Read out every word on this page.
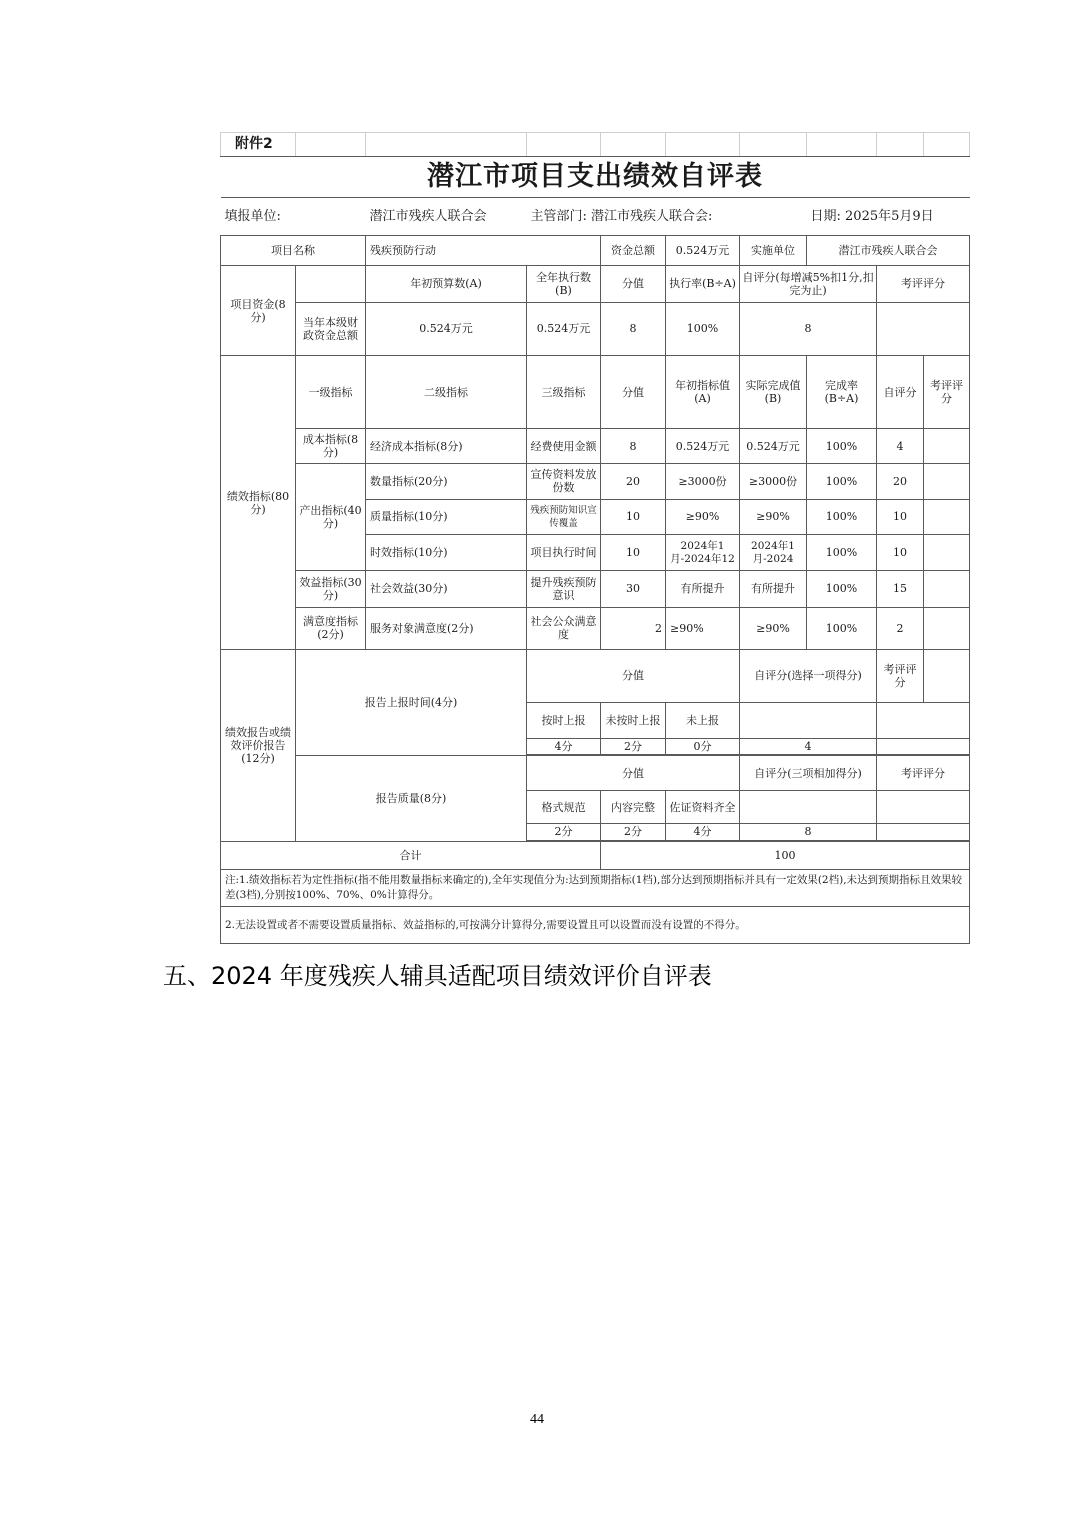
附件2									
潜江市项目支出绩效自评表									
填报单位:		潜江市残疾人联合会	主管部门: 潜江市残疾人联合会:				日期: 2025年5月9日		
项目名称		残疾预防行动		资金总额	0.524万元	实施单位	潜江市残疾人联合会		
项目资金(8分)		年初预算数(A)	全年执行数(B)	分值	执行率(B÷A)	自评分(每增减5%扣1分,扣完为止)		考评评分	
	当年本级财政资金总额	0.524万元	0.524万元	8	100%	8			
绩效指标(80分)	一级指标	二级指标	三级指标	分值	年初指标值(A)	实际完成值(B)	完成率(B÷A)	自评分	考评评分
	成本指标(8分)	经济成本指标(8分)	经费使用金额	8	0.524万元	0.524万元	100%	4	
	产出指标(40分)	数量指标(20分)	宣传资料发放份数	20	≥3000份	≥3000份	100%	20	
		质量指标(10分)	残疾预防知识宣传覆盖	10	≥90%	≥90%	100%	10	
		时效指标(10分)	项目执行时间	10	2024年1月-2024年12	2024年1月-2024	100%	10	
	效益指标(30分)	社会效益(30分)	提升残疾预防意识	30	有所提升	有所提升	100%	15	
	满意度指标(2分)	服务对象满意度(2分)	社会公众满意度	2	≥90%	≥90%	100%	2	
绩效报告或绩效评价报告(12分)	报告上报时间(4分)		分值			自评分(选择一项得分)		考评评分	
			按时上报	未按时上报	未上报				
			4分	2分	0分	4			

	报告质量(8分)		分值			自评分(三项相加得分)		考评评分	
			格式规范	内容完整	佐证资料齐全				
			2分	2分	4分	8			

合计				100					
注:1.绩效指标若为定性指标(指不能用数量指标来确定的),全年实现值分为:达到预期指标(1档),部分达到预期指标并具有一定效果(2档),未达到预期指标且效果较差(3档),分别按100%、70%、0%计算得分。									
2.无法设置或者不需要设置质量指标、效益指标的,可按满分计算得分,需要设置且可以设置而没有设置的不得分。									
五、2024 年度残疾人辅具适配项目绩效评价自评表
44
